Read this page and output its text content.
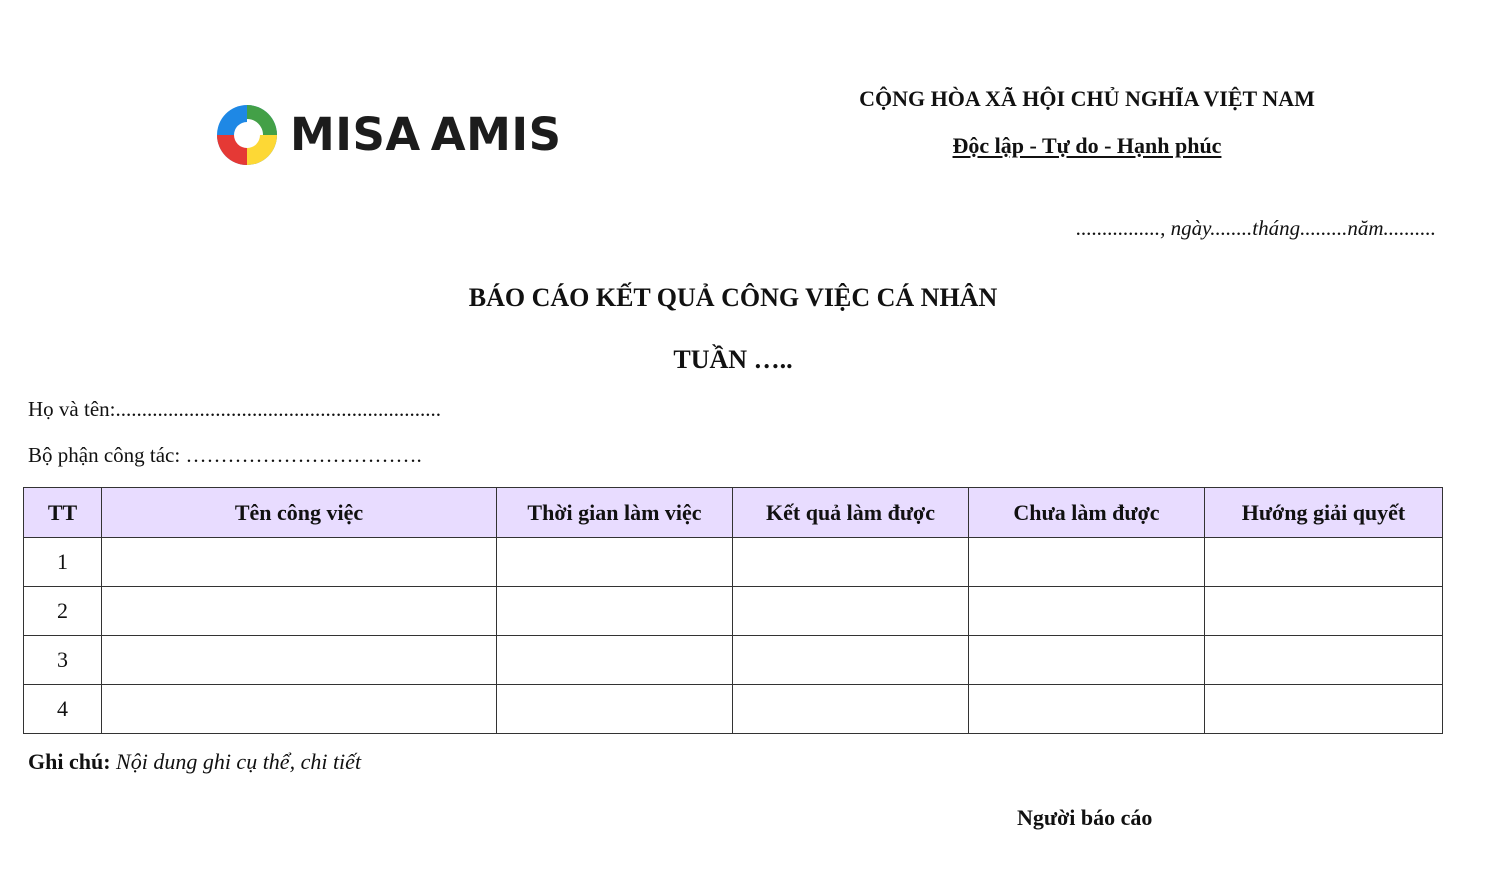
MISA AMIS
CỘNG HÒA XÃ HỘI CHỦ NGHĨA VIỆT NAM
Độc lập - Tự do - Hạnh phúc
................, ngày........tháng.........năm..........
BÁO CÁO KẾT QUẢ CÔNG VIỆC CÁ NHÂN
TUẦN …..
Họ và tên:..............................................................
Bộ phận công tác: …………………………….
TT	Tên công việc	Thời gian làm việc	Kết quả làm được	Chưa làm được	Hướng giải quyết
1					
2					
3					
4					
Ghi chú: Nội dung ghi cụ thể, chi tiết
Người báo cáo
